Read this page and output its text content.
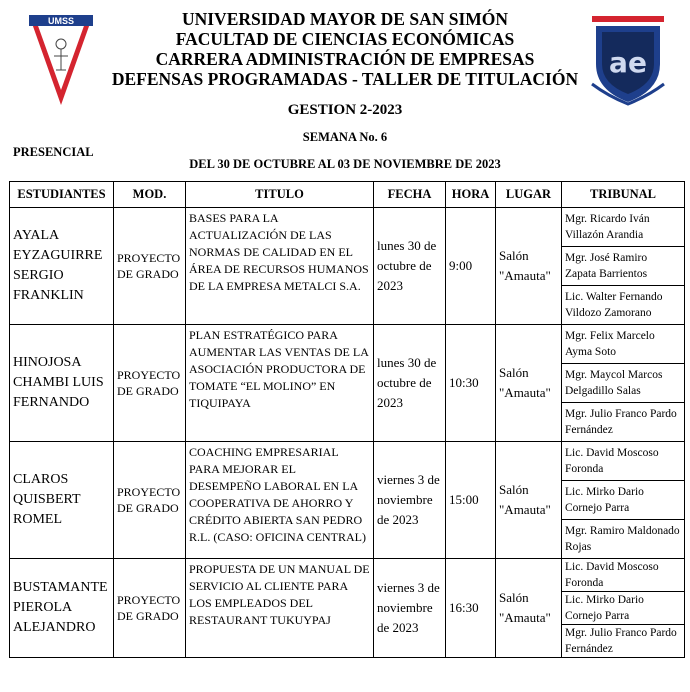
UMSS
ae
UNIVERSIDAD MAYOR DE SAN SIMÓN
FACULTAD DE CIENCIAS ECONÓMICAS
CARRERA ADMINISTRACIÓN DE EMPRESAS
DEFENSAS PROGRAMADAS - TALLER DE TITULACIÓN
GESTION 2-2023
SEMANA No. 6
PRESENCIAL
DEL 30 DE OCTUBRE AL 03 DE NOVIEMBRE DE 2023
ESTUDIANTES	MOD.	TITULO	FECHA	HORA	LUGAR	TRIBUNAL
AYALA EYZAGUIRRE SERGIO FRANKLIN	PROYECTO DE GRADO	BASES PARA LA ACTUALIZACIÓN DE LAS NORMAS DE CALIDAD EN EL ÁREA DE RECURSOS HUMANOS DE LA EMPRESA METALCI S.A.	lunes 30 de octubre de 2023	9:00	Salón "Amauta"	Mgr. Ricardo Iván Villazón Arandia
						Mgr. José Ramiro Zapata Barrientos
						Lic. Walter Fernando Vildozo Zamorano
HINOJOSA CHAMBI LUIS FERNANDO	PROYECTO DE GRADO	PLAN ESTRATÉGICO PARA AUMENTAR LAS VENTAS DE LA ASOCIACIÓN PRODUCTORA DE TOMATE “EL MOLINO” EN TIQUIPAYA	lunes 30 de octubre de 2023	10:30	Salón "Amauta"	Mgr. Felix Marcelo Ayma Soto
						Mgr. Maycol Marcos Delgadillo Salas
						Mgr. Julio Franco Pardo Fernández
CLAROS QUISBERT ROMEL	PROYECTO DE GRADO	COACHING EMPRESARIAL PARA MEJORAR EL DESEMPEÑO LABORAL EN LA COOPERATIVA DE AHORRO Y CRÉDITO ABIERTA SAN PEDRO R.L. (CASO: OFICINA CENTRAL)	viernes 3 de noviembre de 2023	15:00	Salón "Amauta"	Lic. David Moscoso Foronda
						Lic. Mirko Dario Cornejo Parra
						Mgr. Ramiro Maldonado Rojas
BUSTAMANTE PIEROLA ALEJANDRO	PROYECTO DE GRADO	PROPUESTA DE UN MANUAL DE SERVICIO AL CLIENTE PARA LOS EMPLEADOS DEL RESTAURANT TUKUYPAJ	viernes 3 de noviembre de 2023	16:30	Salón "Amauta"	Lic. David Moscoso Foronda
						Lic. Mirko Dario Cornejo Parra
						Mgr. Julio Franco Pardo Fernández
